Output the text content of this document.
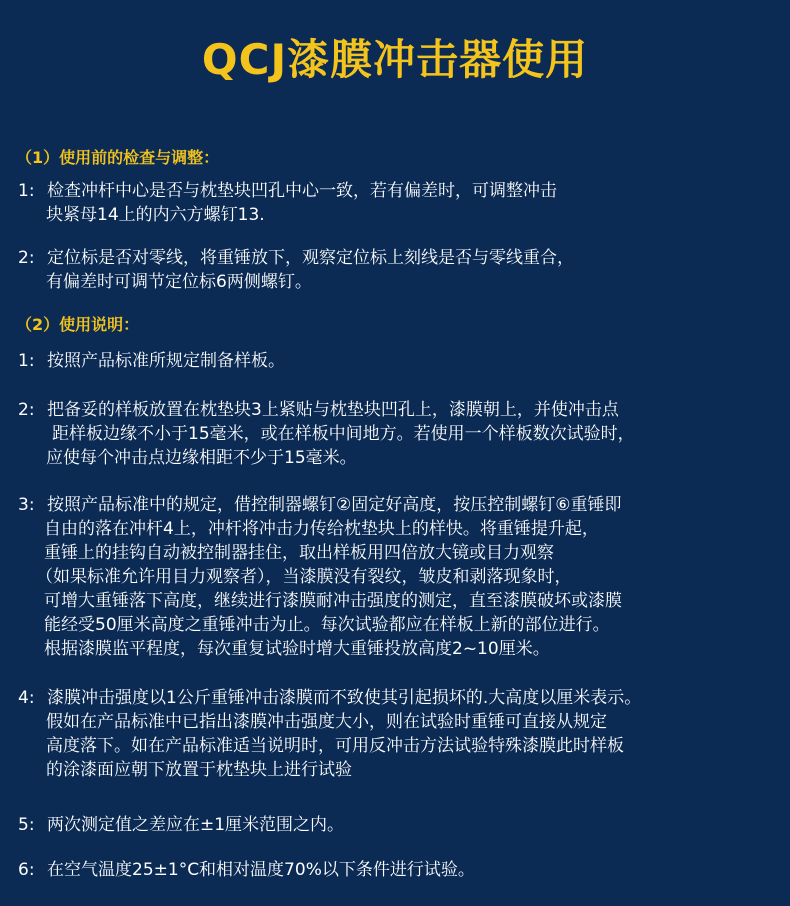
QCJ漆膜冲击器使用
（1）使用前的检查与调整：
1: 检查冲杆中心是否与枕垫块凹孔中心一致，若有偏差时，可调整冲击
块紧母14上的内六方螺钉13.
2: 定位标是否对零线，将重锤放下，观察定位标上刻线是否与零线重合，
有偏差时可调节定位标6两侧螺钉。
（2）使用说明：
1: 按照产品标准所规定制备样板。
2: 把备妥的样板放置在枕垫块3上紧贴与枕垫块凹孔上，漆膜朝上，并使冲击点
距样板边缘不小于15毫米，或在样板中间地方。若使用一个样板数次试验时，
应使每个冲击点边缘相距不少于15毫米。
3: 按照产品标准中的规定，借控制器螺钉②固定好高度，按压控制螺钉⑥重锤即
自由的落在冲杆4上，冲杆将冲击力传给枕垫块上的样快。将重锤提升起，
重锤上的挂钩自动被控制器挂住，取出样板用四倍放大镜或目力观察
（如果标准允许用目力观察者），当漆膜没有裂纹，皱皮和剥落现象时，
可增大重锤落下高度，继续进行漆膜耐冲击强度的测定，直至漆膜破坏或漆膜
能经受50厘米高度之重锤冲击为止。每次试验都应在样板上新的部位进行。
根据漆膜监平程度，每次重复试验时增大重锤投放高度2~10厘米。
4: 漆膜冲击强度以1公斤重锤冲击漆膜而不致使其引起损坏的.大高度以厘米表示。
假如在产品标准中已指出漆膜冲击强度大小，则在试验时重锤可直接从规定
高度落下。如在产品标准适当说明时，可用反冲击方法试验特殊漆膜此时样板
的涂漆面应朝下放置于枕垫块上进行试验
5: 两次测定值之差应在±1厘米范围之内。
6: 在空气温度25±1°C和相对温度70%以下条件进行试验。
